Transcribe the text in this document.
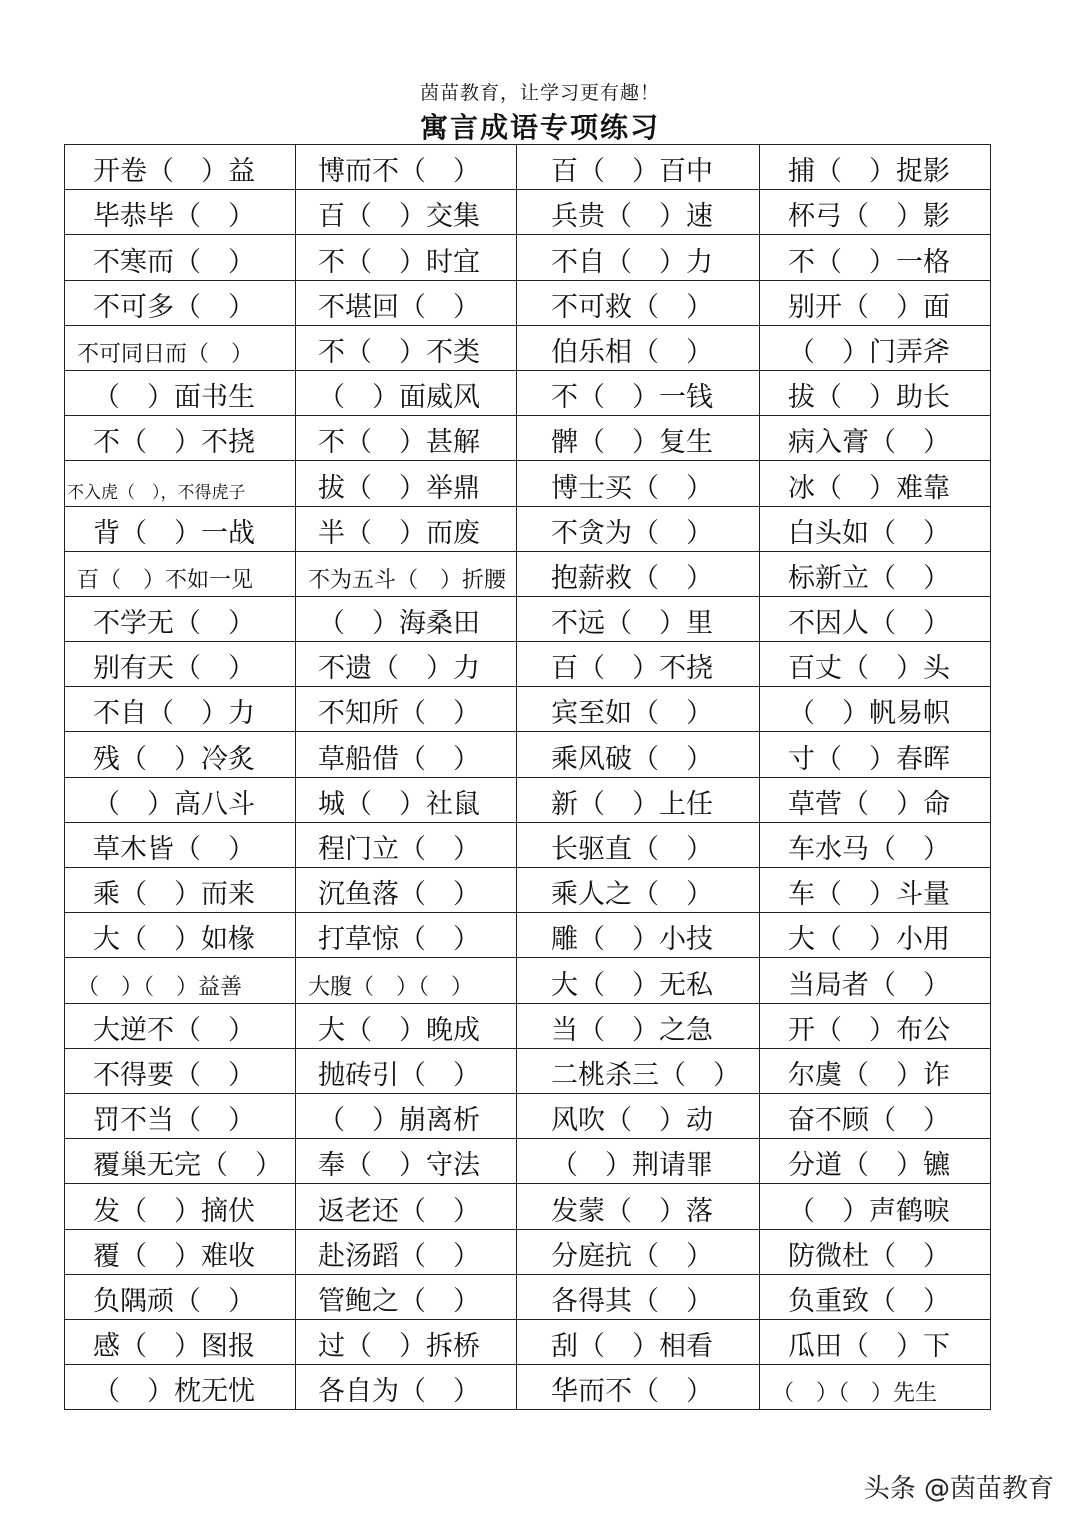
茵苗教育，让学习更有趣！
寓言成语专项练习
开卷（　）益	博而不（　）	百（　）百中	捕（　）捉影
毕恭毕（　）	百（　）交集	兵贵（　）速	杯弓（　）影
不寒而（　）	不（　）时宜	不自（　）力	不（　）一格
不可多（　）	不堪回（　）	不可救（　）	别开（　）面
不可同日而（　）	不（　）不类	伯乐相（　）	（　）门弄斧
（　）面书生	（　）面威风	不（　）一钱	拔（　）助长
不（　）不挠	不（　）甚解	髀（　）复生	病入膏（　）
不入虎（　），不得虎子	拔（　）举鼎	博士买（　）	冰（　）难靠
背（　）一战	半（　）而废	不贪为（　）	白头如（　）
百（　）不如一见	不为五斗（　）折腰	抱薪救（　）	标新立（　）
不学无（　）	（　）海桑田	不远（　）里	不因人（　）
别有天（　）	不遗（　）力	百（　）不挠	百丈（　）头
不自（　）力	不知所（　）	宾至如（　）	（　）帆易帜
残（　）冷炙	草船借（　）	乘风破（　）	寸（　）春晖
（　）高八斗	城（　）社鼠	新（　）上任	草菅（　）命
草木皆（　）	程门立（　）	长驱直（　）	车水马（　）
乘（　）而来	沉鱼落（　）	乘人之（　）	车（　）斗量
大（　）如椽	打草惊（　）	雕（　）小技	大（　）小用
（　）（　）益善	大腹（　）（　）	大（　）无私	当局者（　）
大逆不（　）	大（　）晚成	当（　）之急	开（　）布公
不得要（　）	抛砖引（　）	二桃杀三（　）	尔虞（　）诈
罚不当（　）	（　）崩离析	风吹（　）动	奋不顾（　）
覆巢无完（　）	奉（　）守法	（　）荆请罪	分道（　）镳
发（　）摘伏	返老还（　）	发蒙（　）落	（　）声鹤唳
覆（　）难收	赴汤蹈（　）	分庭抗（　）	防微杜（　）
负隅顽（　）	管鲍之（　）	各得其（　）	负重致（　）
感（　）图报	过（　）拆桥	刮（　）相看	瓜田（　）下
（　）枕无忧	各自为（　）	华而不（　）	（　）（　）先生
头条 @茵苗教育
